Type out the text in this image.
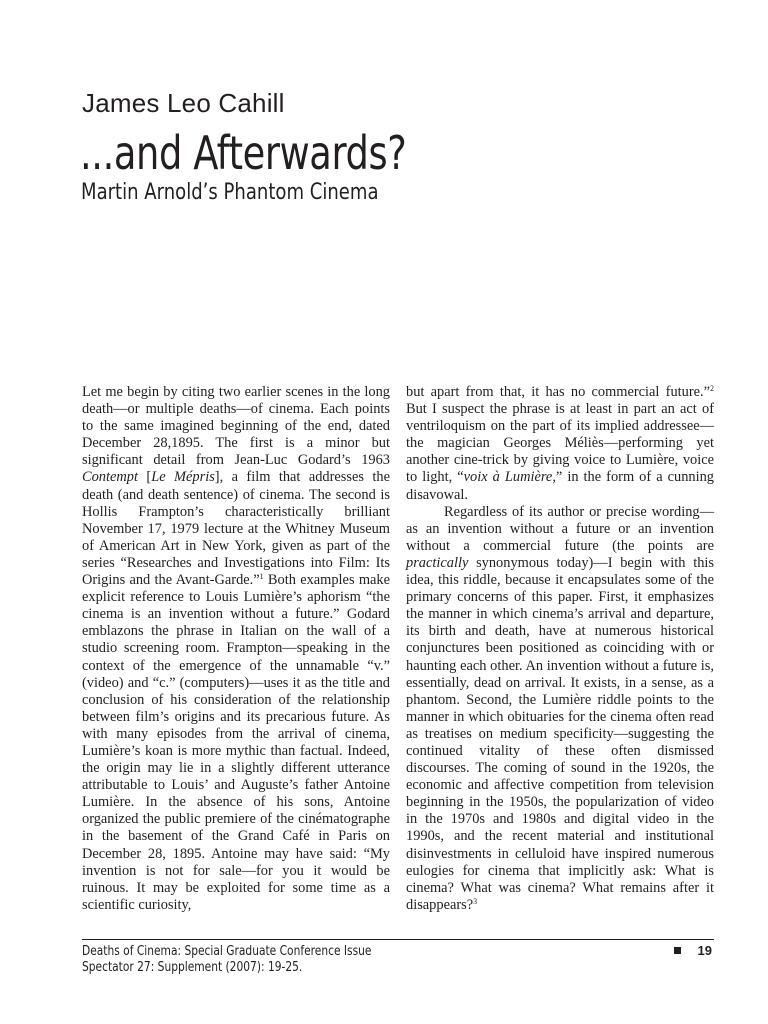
James Leo Cahill
...and Afterwards?
Martin Arnold’s Phantom Cinema

Let me begin by citing two earlier scenes in the long death—or multiple deaths—of cinema. Each points to the same imagined beginning of the end, dated December 28,1895. The first is a minor but significant detail from Jean-Luc Godard’s 1963 Contempt [Le Mépris], a film that addresses the death (and death sentence) of cinema. The second is Hollis Frampton’s characteristically brilliant November 17, 1979 lecture at the Whitney Museum of American Art in New York, given as part of the series “Researches and Investigations into Film: Its Origins and the Avant-Garde.”$^1$ Both examples make explicit reference to Louis Lumière’s aphorism “the cinema is an invention without a future.” Godard emblazons the phrase in Italian on the wall of a studio screening room. Frampton—speaking in the context of the emergence of the unnamable “v.” (video) and “c.” (computers)—uses it as the title and conclusion of his consideration of the relationship between film’s origins and its precarious future. As with many episodes from the arrival of cinema, Lumière’s koan is more mythic than factual. Indeed, the origin may lie in a slightly different utterance attributable to Louis’ and Auguste’s father Antoine Lumière. In the absence of his sons, Antoine organized the public premiere of the cinématographe in the basement of the Grand Café in Paris on December 28, 1895. Antoine may have said: “My invention is not for sale—for you it would be ruinous. It may be exploited for some time as a scientific curiosity,

but apart from that, it has no commercial future.”$^2$ But I suspect the phrase is at least in part an act of ventriloquism on the part of its implied addressee—the magician Georges Méliès—performing yet another cine-trick by giving voice to Lumière, voice to light, “voix à Lumière,” in the form of a cunning disavowal.

Regardless of its author or precise wording—as an invention without a future or an invention without a commercial future (the points are practically synonymous today)—I begin with this idea, this riddle, because it encapsulates some of the primary concerns of this paper. First, it emphasizes the manner in which cinema’s arrival and departure, its birth and death, have at numerous historical conjunctures been positioned as coinciding with or haunting each other. An invention without a future is, essentially, dead on arrival. It exists, in a sense, as a phantom. Second, the Lumière riddle points to the manner in which obituaries for the cinema often read as treatises on medium specificity—suggesting the continued vitality of these often dismissed discourses. The coming of sound in the 1920s, the economic and affective competition from television beginning in the 1950s, the popularization of video in the 1970s and 1980s and digital video in the 1990s, and the recent material and institutional disinvestments in celluloid have inspired numerous eulogies for cinema that implicitly ask: What is cinema? What was cinema? What remains after it disappears?$^3$

Deaths of Cinema: Special Graduate Conference Issue
Spectator 27: Supplement (2007): 19-25.
19
